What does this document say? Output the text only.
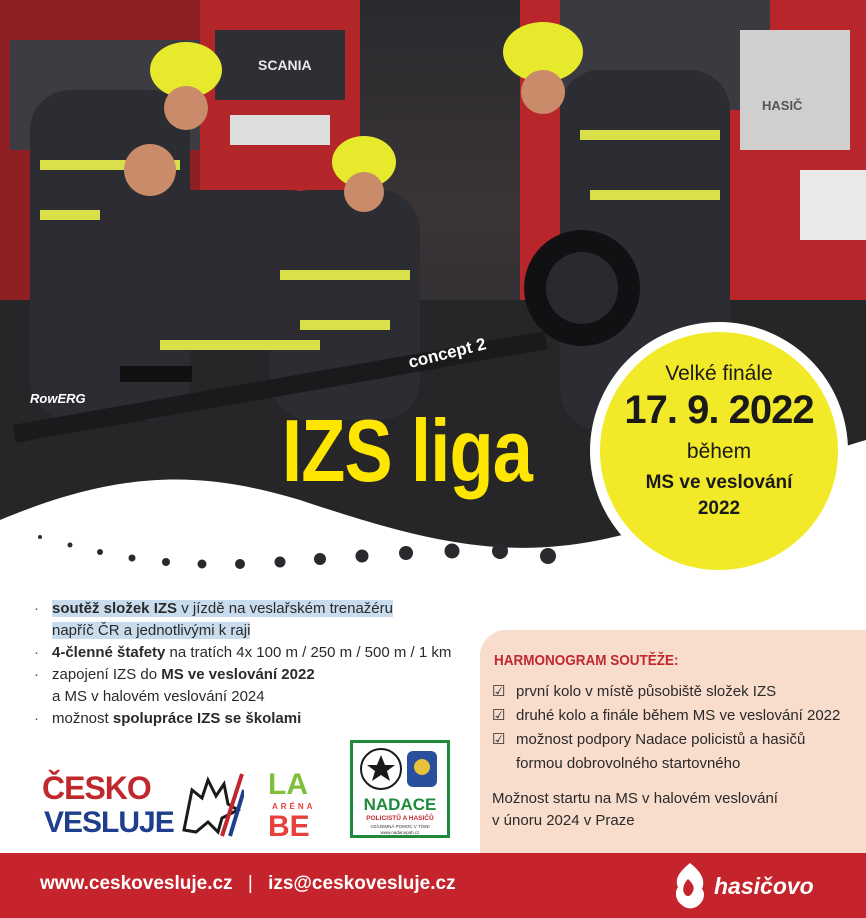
SCANIA
HASIČ
concept 2
RowERG
IZS liga
Velké finále
17. 9. 2022
během
MS ve veslování
2022
· soutěž složek IZS v jízdě na veslařském trenažéru
napříč ČR a jednotlivými k raji
· 4-členné štafety na tratích 4x 100 m / 250 m / 500 m / 1 km
· zapojení IZS do MS ve veslování 2022
a MS v halovém veslování 2024
· možnost spolupráce IZS se školami
ČESKO
VESLUJE
LA
ARÉNA
BE
NADACE
POLICISTŮ A HASIČŮ
VZÁJEMNÁ POMOC V TÍSNI
www.nadacepah.cz
HARMONOGRAM SOUTĚŽE:
☑ první kolo v místě působiště složek IZS
☑ druhé kolo a finále během MS ve veslování 2022
☑ možnost podpory Nadace policistů a hasičů
formou dobrovolného startovného
Možnost startu na MS v halovém veslování
v únoru 2024 v Praze
www.ceskovesluje.cz | izs@ceskovesluje.cz	hasičovo
